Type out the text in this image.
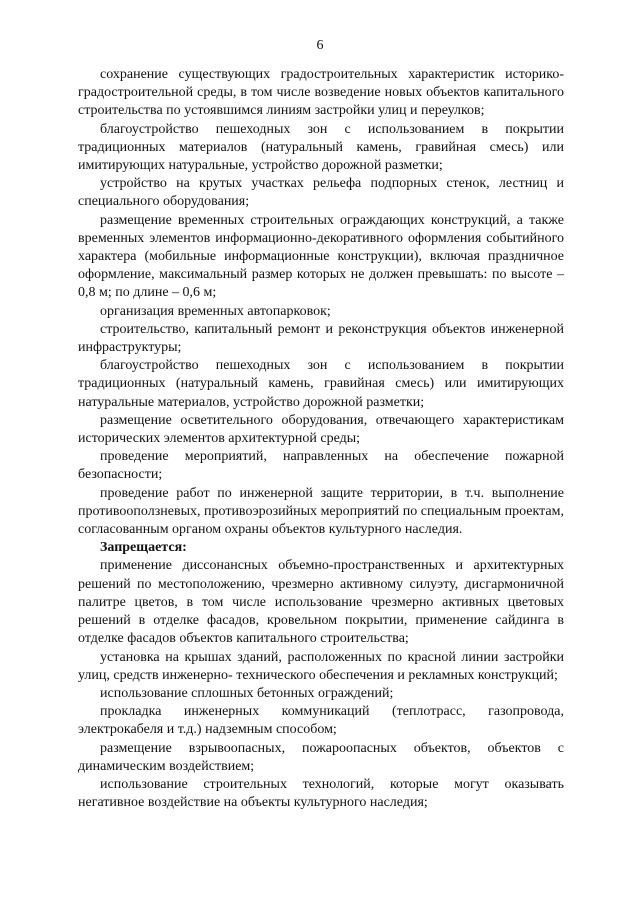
6

сохранение существующих градостроительных характеристик историко-градостроительной среды, в том числе возведение новых объектов капитального строительства по устоявшимся линиям застройки улиц и переулков;

благоустройство пешеходных зон с использованием в покрытии традиционных материалов (натуральный камень, гравийная смесь) или имитирующих натуральные, устройство дорожной разметки;

устройство на крутых участках рельефа подпорных стенок, лестниц и специального оборудования;

размещение временных строительных ограждающих конструкций, а также временных элементов информационно-декоративного оформления событийного характера (мобильные информационные конструкции), включая праздничное оформление, максимальный размер которых не должен превышать: по высоте – 0,8 м; по длине – 0,6 м;

организация временных автопарковок;

строительство, капитальный ремонт и реконструкция объектов инженерной инфраструктуры;

благоустройство пешеходных зон с использованием в покрытии традиционных (натуральный камень, гравийная смесь) или имитирующих натуральные материалов, устройство дорожной разметки;

размещение осветительного оборудования, отвечающего характеристикам исторических элементов архитектурной среды;

проведение мероприятий, направленных на обеспечение пожарной безопасности;

проведение работ по инженерной защите территории, в т.ч. выполнение противооползневых, противоэрозийных мероприятий по специальным проектам, согласованным органом охраны объектов культурного наследия.

Запрещается:

применение диссонансных объемно-пространственных и архитектурных решений по местоположению, чрезмерно активному силуэту, дисгармоничной палитре цветов, в том числе использование чрезмерно активных цветовых решений в отделке фасадов, кровельном покрытии, применение сайдинга в отделке фасадов объектов капитального строительства;

установка на крышах зданий, расположенных по красной линии застройки улиц, средств инженерно- технического обеспечения и рекламных конструкций;

использование сплошных бетонных ограждений;

прокладка инженерных коммуникаций (теплотрасс, газопровода, электрокабеля и т.д.) надземным способом;

размещение взрывоопасных, пожароопасных объектов, объектов с динамическим воздействием;

использование строительных технологий, которые могут оказывать негативное воздействие на объекты культурного наследия;
